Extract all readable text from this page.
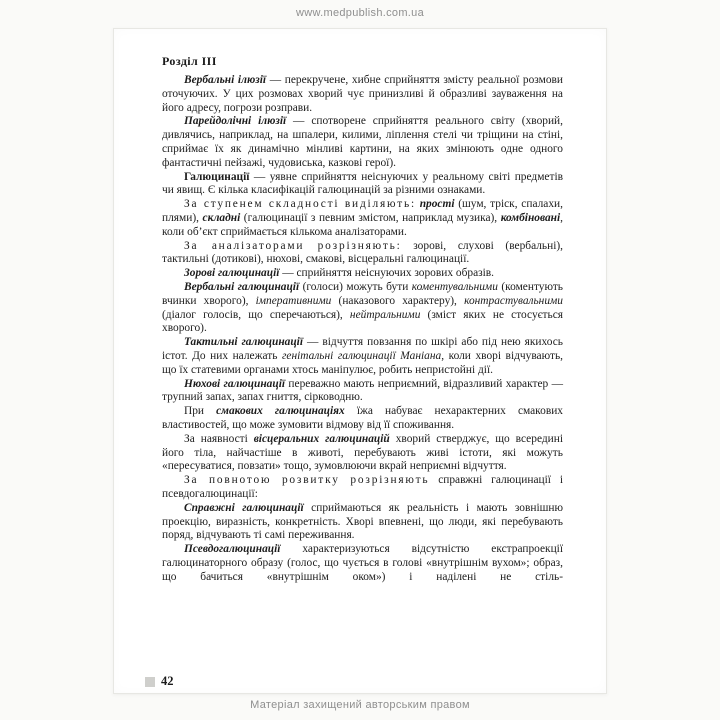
www.medpublish.com.ua
Розділ III

Вербальні ілюзії — перекручене, хибне сприйняття змісту реальної розмови оточуючих. У цих розмовах хворий чує принизливі й образливі зауваження на його адресу, погрози розправи.

Парейдолічні ілюзії — спотворене сприйняття реального світу (хворий, дивлячись, наприклад, на шпалери, килими, ліплення стелі чи тріщини на стіні, сприймає їх як динамічно мінливі картини, на яких змінюють одне одного фантастичні пейзажі, чудовиська, казкові герої).

Галюцинації — уявне сприйняття неіснуючих у реальному світі предметів чи явищ. Є кілька класифікацій галюцинацій за різними ознаками.

За ступенем складності виділяють: прості (шум, тріск, спалахи, плями), складні (галюцинації з певним змістом, наприклад музика), комбіновані, коли об’єкт сприймається кількома аналізаторами.

За аналізаторами розрізняють: зорові, слухові (вербальні), тактильні (дотикові), нюхові, смакові, вісцеральні галюцинації.

Зорові галюцинації — сприйняття неіснуючих зорових образів.

Вербальні галюцинації (голоси) можуть бути коментувальними (коментують вчинки хворого), імперативними (наказового характеру), контрастувальними (діалог голосів, що сперечаються), нейтральними (зміст яких не стосується хворого).

Тактильні галюцинації — відчуття повзання по шкірі або під нею якихось істот. До них належать генітальні галюцинації Маніана, коли хворі відчувають, що їх статевими органами хтось маніпулює, робить непристойні дії.

Нюхові галюцинації переважно мають неприємний, відразливий характер — трупний запах, запах гниття, сірководню.

При смакових галюцинаціях їжа набуває нехарактерних смакових властивостей, що може зумовити відмову від її споживання.

За наявності вісцеральних галюцинацій хворий стверджує, що всередині його тіла, найчастіше в животі, перебувають живі істоти, які можуть «пересуватися, повзати» тощо, зумовлюючи вкрай неприємні відчуття.

За повнотою розвитку розрізняють справжні галюцинації і псевдогалюцинації:

Справжні галюцинації сприймаються як реальність і мають зовнішню проекцію, виразність, конкретність. Хворі впевнені, що люди, які перебувають поряд, відчувають ті самі переживання.

Псевдогалюцинації характеризуються відсутністю екстрапроекції галюцинаторного образу (голос, що чується в голові «внутрішнім вухом»; образ, що бачиться «внутрішнім оком») і наділені не стіль-

42
Матеріал захищений авторським правом
